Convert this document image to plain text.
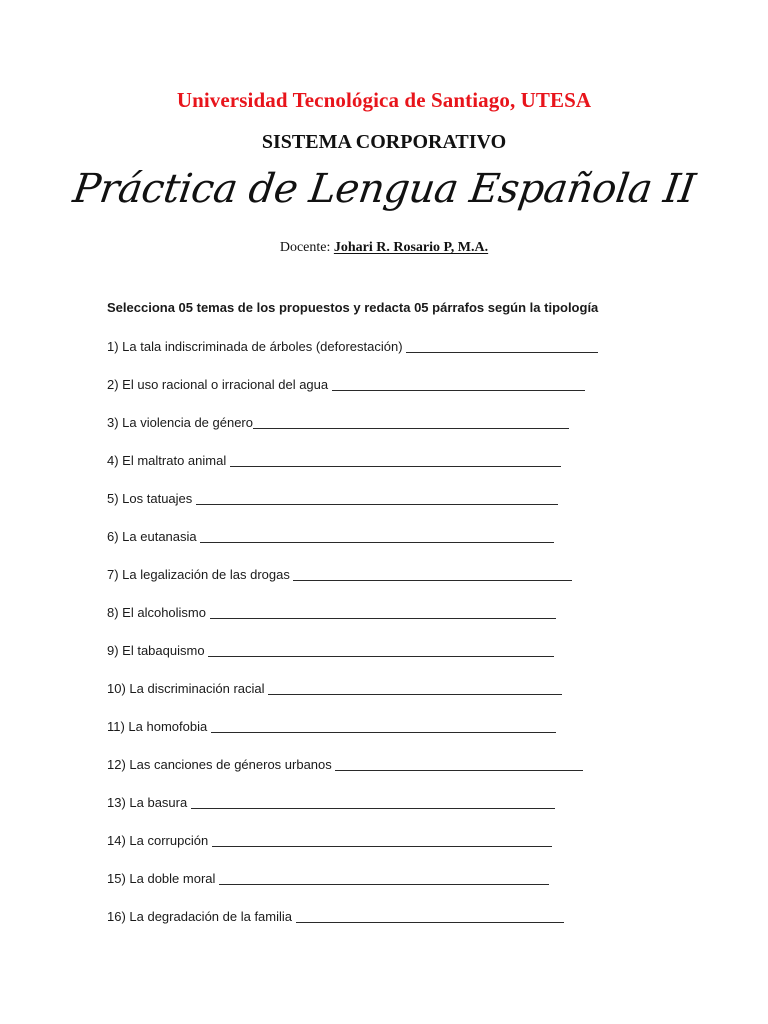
Universidad Tecnológica de Santiago, UTESA
SISTEMA CORPORATIVO
Práctica de Lengua Española II
Docente: Johari R. Rosario P, M.A.
Selecciona 05 temas de los propuestos y redacta 05 párrafos según la tipología
1) La tala indiscriminada de árboles (deforestación)

2) El uso racional o irracional del agua

3) La violencia de género
4) El maltrato animal

5) Los tatuajes

6) La eutanasia

7) La legalización de las drogas

8) El alcoholismo

9) El tabaquismo

10) La discriminación racial

11) La homofobia

12) Las canciones de géneros urbanos

13) La basura

14) La corrupción

15) La doble moral

16) La degradación de la familia
